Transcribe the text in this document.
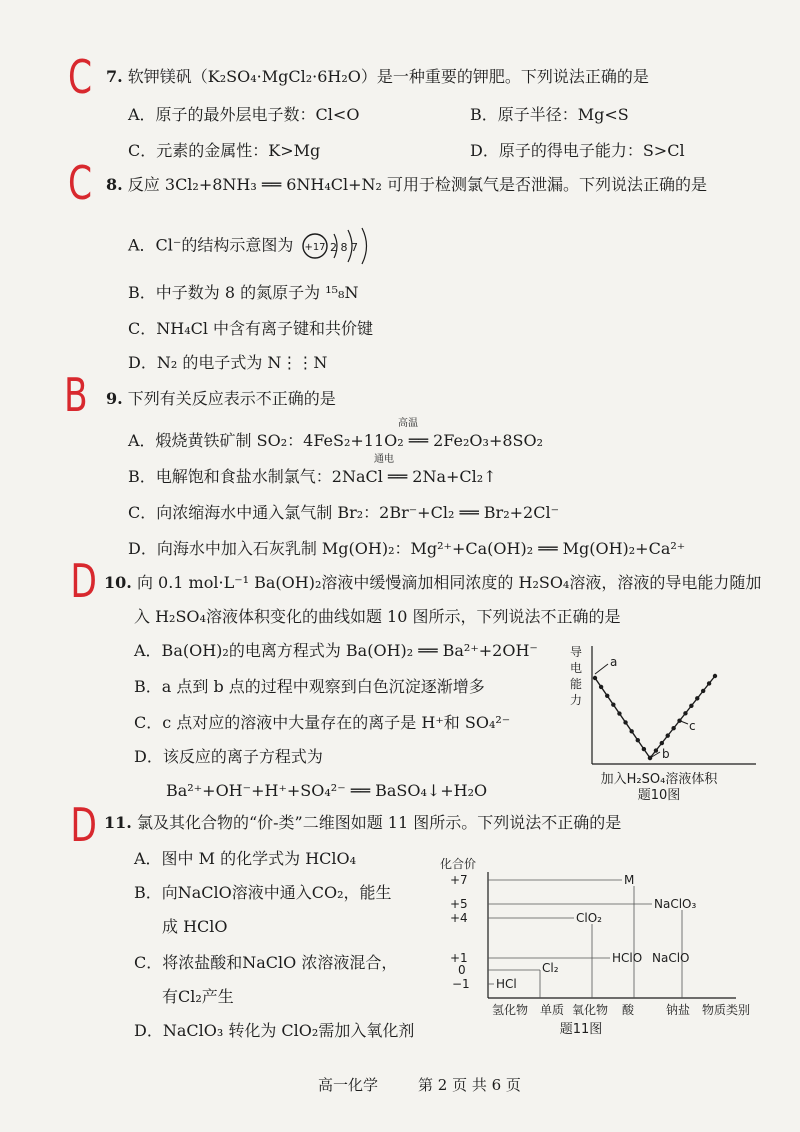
C
C
B
D
D
7. 软钾镁矾（K₂SO₄·MgCl₂·6H₂O）是一种重要的钾肥。下列说法正确的是
A．原子的最外层电子数：Cl<O	B．原子半径：Mg<S
C．元素的金属性：K>Mg	D．原子的得电子能力：S>Cl
8. 反应 3Cl₂+8NH₃ ══ 6NH₄Cl+N₂ 可用于检测氯气是否泄漏。下列说法正确的是
A．Cl⁻的结构示意图为 +17 2 8 7
B．中子数为 8 的氮原子为 ¹⁵₈N
C．NH₄Cl 中含有离子键和共价键
D．N₂ 的电子式为 N⋮⋮N
9. 下列有关反应表示不正确的是
A．煅烧黄铁矿制 SO₂：4FeS₂+11O₂ ══ 2Fe₂O₃+8SO₂
高温
B．电解饱和食盐水制氯气：2NaCl ══ 2Na+Cl₂↑
通电
C．向浓缩海水中通入氯气制 Br₂：2Br⁻+Cl₂ ══ Br₂+2Cl⁻
D．向海水中加入石灰乳制 Mg(OH)₂：Mg²⁺+Ca(OH)₂ ══ Mg(OH)₂+Ca²⁺
10. 向 0.1 mol·L⁻¹ Ba(OH)₂溶液中缓慢滴加相同浓度的 H₂SO₄溶液，溶液的导电能力随加
入 H₂SO₄溶液体积变化的曲线如题 10 图所示，下列说法不正确的是
A．Ba(OH)₂的电离方程式为 Ba(OH)₂ ══ Ba²⁺+2OH⁻
B．a 点到 b 点的过程中观察到白色沉淀逐渐增多
C．c 点对应的溶液中大量存在的离子是 H⁺和 SO₄²⁻
D．该反应的离子方程式为
Ba²⁺+OH⁻+H⁺+SO₄²⁻ ══ BaSO₄↓+H₂O
导
电
能
力
a
b
c
加入H₂SO₄溶液体积
题10图
11. 氯及其化合物的“价-类”二维图如题 11 图所示。下列说法不正确的是
A．图中 M 的化学式为 HClO₄
B．向NaClO溶液中通入CO₂，能生
成 HClO
C．将浓盐酸和NaClO 浓溶液混合，
有Cl₂产生
D．NaClO₃ 转化为 ClO₂需加入氧化剂
化合价
+7
+5
+4
+1
0
−1
M
NaClO₃
ClO₂
HClO NaClO
Cl₂
HCl
氢化物 单质 氧化物 酸	钠盐 物质类别
题11图
高一化学	第 2 页 共 6 页
